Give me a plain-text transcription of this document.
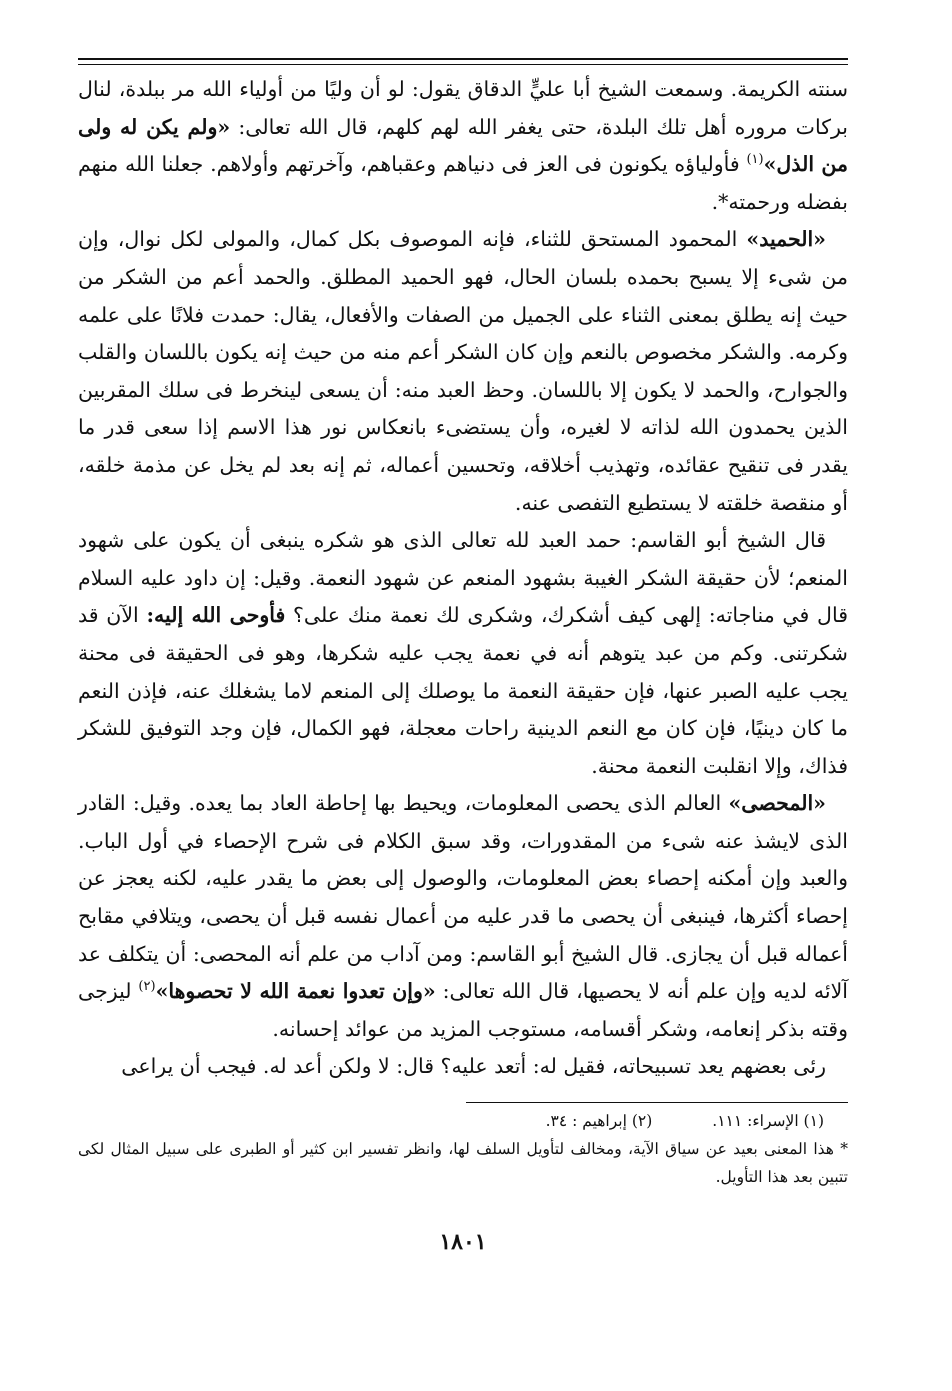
سنته الكريمة. وسمعت الشيخ أبا عليٍّ الدقاق يقول: لو أن وليًا من أولياء الله مر ببلدة، لنال بركات مروره أهل تلك البلدة، حتى يغفر الله لهم كلهم، قال الله تعالى: «ولم يكن له ولى من الذل»$^{(١)}$ فأولياؤه يكونون فى العز فى دنياهم وعقباهم، وآخرتهم وأولاهم. جعلنا الله منهم بفضله ورحمته*.

«الحميد» المحمود المستحق للثناء، فإنه الموصوف بكل كمال، والمولى لكل نوال، وإن من شىء إلا يسبح بحمده بلسان الحال، فهو الحميد المطلق. والحمد أعم من الشكر من حيث إنه يطلق بمعنى الثناء على الجميل من الصفات والأفعال، يقال: حمدت فلانًا على علمه وكرمه. والشكر مخصوص بالنعم وإن كان الشكر أعم منه من حيث إنه يكون باللسان والقلب والجوارح، والحمد لا يكون إلا باللسان. وحظ العبد منه: أن يسعى لينخرط فى سلك المقربين الذين يحمدون الله لذاته لا لغيره، وأن يستضىء بانعكاس نور هذا الاسم إذا سعى قدر ما يقدر فى تنقيح عقائده، وتهذيب أخلاقه، وتحسين أعماله، ثم إنه بعد لم يخل عن مذمة خلقه، أو منقصة خلقته لا يستطيع التفصى عنه.

قال الشيخ أبو القاسم: حمد العبد لله تعالى الذى هو شكره ينبغى أن يكون على شهود المنعم؛ لأن حقيقة الشكر الغيبة بشهود المنعم عن شهود النعمة. وقيل: إن داود عليه السلام قال في مناجاته: إلهى كيف أشكرك، وشكرى لك نعمة منك على؟ فأوحى الله إليه: الآن قد شكرتنى. وكم من عبد يتوهم أنه في نعمة يجب عليه شكرها، وهو فى الحقيقة فى محنة يجب عليه الصبر عنها، فإن حقيقة النعمة ما يوصلك إلى المنعم لاما يشغلك عنه، فإذن النعم ما كان دينيًا، فإن كان مع النعم الدينية راحات معجلة، فهو الكمال، فإن وجد التوفيق للشكر فذاك، وإلا انقلبت النعمة محنة.

«المحصى» العالم الذى يحصى المعلومات، ويحيط بها إحاطة العاد بما يعده. وقيل: القادر الذى لايشذ عنه شىء من المقدورات، وقد سبق الكلام فى شرح الإحصاء في أول الباب. والعبد وإن أمكنه إحصاء بعض المعلومات، والوصول إلى بعض ما يقدر عليه، لكنه يعجز عن إحصاء أكثرها، فينبغى أن يحصى ما قدر عليه من أعمال نفسه قبل أن يحصى، ويتلافي مقابح أعماله قبل أن يجازى. قال الشيخ أبو القاسم: ومن آداب من علم أنه المحصى: أن يتكلف عد آلائه لديه وإن علم أنه لا يحصيها، قال الله تعالى: «وإن تعدوا نعمة الله لا تحصوها»$^{(٢)}$ ليزجى وقته بذكر إنعامه، وشكر أقسامه، مستوجب المزيد من عوائد إحسانه.

رئى بعضهم يعد تسبيحاته، فقيل له: أتعد عليه؟ قال: لا ولكن أعد له. فيجب أن يراعى

(١) الإسراء: ١١١.
(٢) إبراهيم : ٣٤.
* هذا المعنى بعيد عن سياق الآية، ومخالف لتأويل السلف لها، وانظر تفسير ابن كثير أو الطبرى على سبيل المثال لكى تتبين بعد هذا التأويل.
١٨٠١
